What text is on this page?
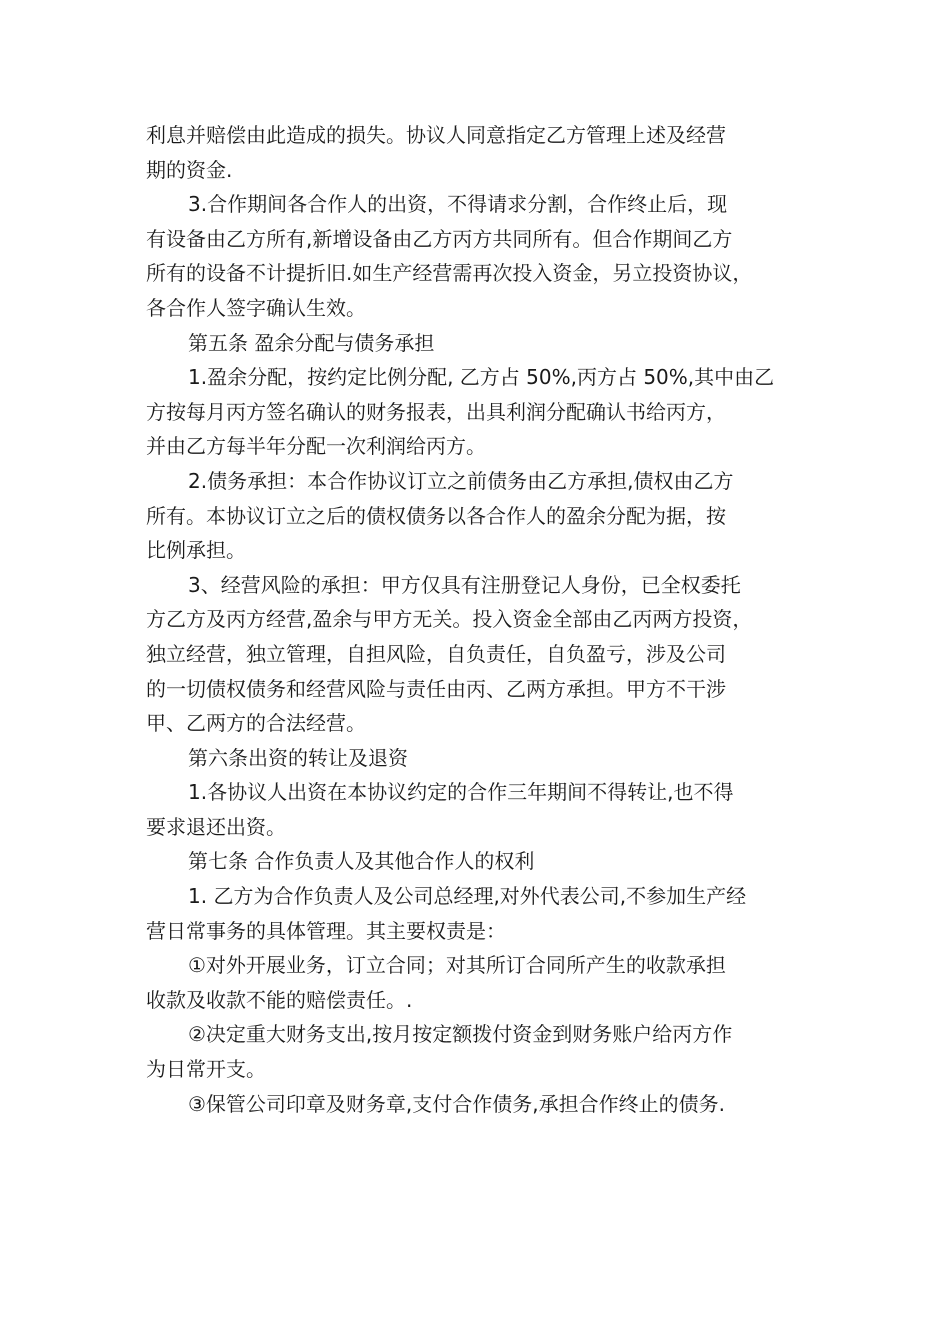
利息并赔偿由此造成的损失。协议人同意指定乙方管理上述及经营

期的资金.

3.合作期间各合作人的出资，不得请求分割，合作终止后，现

有设备由乙方所有,新增设备由乙方丙方共同所有。但合作期间乙方

所有的设备不计提折旧.如生产经营需再次投入资金，另立投资协议，

各合作人签字确认生效。

第五条 盈余分配与债务承担

1.盈余分配，按约定比例分配, 乙方占 50%,丙方占 50%,其中由乙

方按每月丙方签名确认的财务报表，出具利润分配确认书给丙方，

并由乙方每半年分配一次利润给丙方。

2.债务承担：本合作协议订立之前债务由乙方承担,债权由乙方

所有。本协议订立之后的债权债务以各合作人的盈余分配为据，按

比例承担。

3、经营风险的承担：甲方仅具有注册登记人身份，已全权委托

方乙方及丙方经营,盈余与甲方无关。投入资金全部由乙丙两方投资，

独立经营，独立管理，自担风险，自负责任，自负盈亏，涉及公司

的一切债权债务和经营风险与责任由丙、乙两方承担。甲方不干涉

甲、乙两方的合法经营。

第六条出资的转让及退资

1.各协议人出资在本协议约定的合作三年期间不得转让,也不得

要求退还出资。

第七条 合作负责人及其他合作人的权利

1. 乙方为合作负责人及公司总经理,对外代表公司,不参加生产经

营日常事务的具体管理。其主要权责是：

①对外开展业务，订立合同；对其所订合同所产生的收款承担

收款及收款不能的赔偿责任。.

②决定重大财务支出,按月按定额拨付资金到财务账户给丙方作

为日常开支。

③保管公司印章及财务章,支付合作债务,承担合作终止的债务.
